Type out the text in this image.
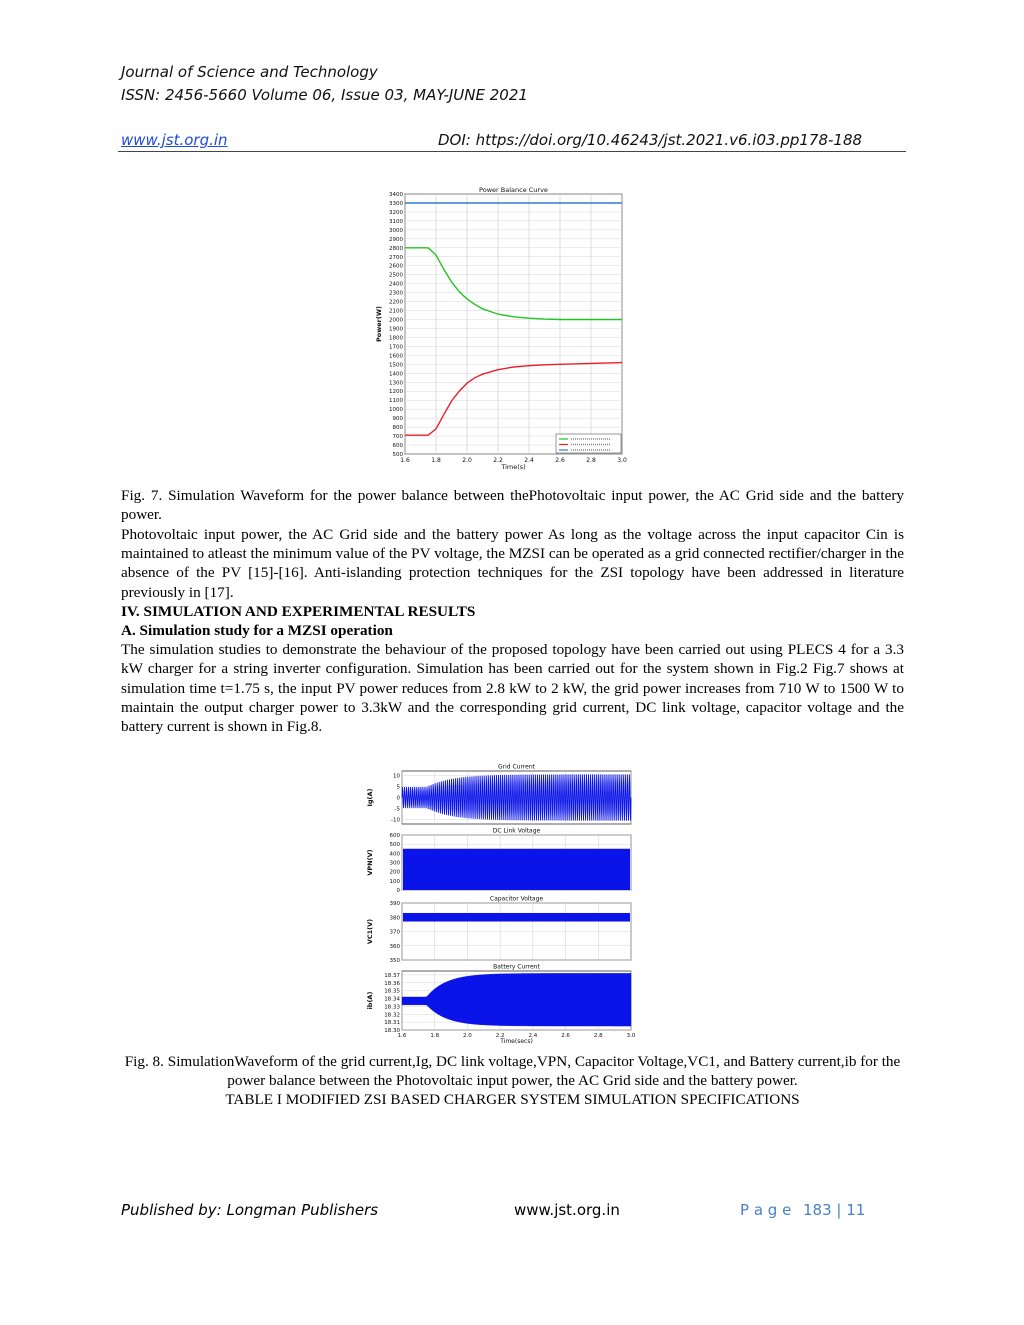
Journal of Science and Technology
ISSN: 2456-5660 Volume 06, Issue 03, MAY-JUNE 2021
www.jst.org.in	DOI: https://doi.org/10.46243/jst.2021.v6.i03.pp178-188
1.6	1.8	2.0	2.2	2.4	2.6	2.8	3.0
500
600
700
800
900
1000
1100
1200
1300
1400
1500
1600
1700
1800
1900
2000
2100
2200
2300
2400
2500
2600
2700
2800
2900
3000
3100
3200
3300
3400
Power Balance Curve
Time(s)
Power(W)

Fig. 7. Simulation Waveform for the power balance between thePhotovoltaic input power, the AC Grid side and the battery power.

Photovoltaic input power, the AC Grid side and the battery power As long as the voltage across the input capacitor Cin is maintained to atleast the minimum value of the PV voltage, the MZSI can be operated as a grid connected rectifier/charger in the absence of the PV [15]-[16]. Anti-islanding protection techniques for the ZSI topology have been addressed in literature previously in [17].

IV. SIMULATION AND EXPERIMENTAL RESULTS

A. Simulation study for a MZSI operation

The simulation studies to demonstrate the behaviour of the proposed topology have been carried out using PLECS 4 for a 3.3 kW charger for a string inverter configuration. Simulation has been carried out for the system shown in Fig.2 Fig.7 shows at simulation time t=1.75 s, the input PV power reduces from 2.8 kW to 2 kW, the grid power increases from 710 W to 1500 W to maintain the output charger power to 3.3kW and the corresponding grid current, DC link voltage, capacitor voltage and the battery current is shown in Fig.8.

10
5
0
-5
-10
Grid Current
Ig(A)
600
500
400
300
200
100
0
DC Link Voltage
VPN(V)
390
380
370
360
350
Capacitor Voltage
VC1(V)
18.37
18.36
18.35
18.34
18.33
18.32
18.31
18.30
Battery Current
ib(A)
1.6	1.8	2.0	2.2	2.4	2.6	2.8	3.0
Time(secs)
Fig. 8. SimulationWaveform of the grid current,Ig, DC link voltage,VPN, Capacitor Voltage,VC1, and Battery current,ib for the power balance between the Photovoltaic input power, the AC Grid side and the battery power.
TABLE I MODIFIED ZSI BASED CHARGER SYSTEM SIMULATION SPECIFICATIONS
Published by: Longman Publishers	www.jst.org.in	P a g e 183 | 11
